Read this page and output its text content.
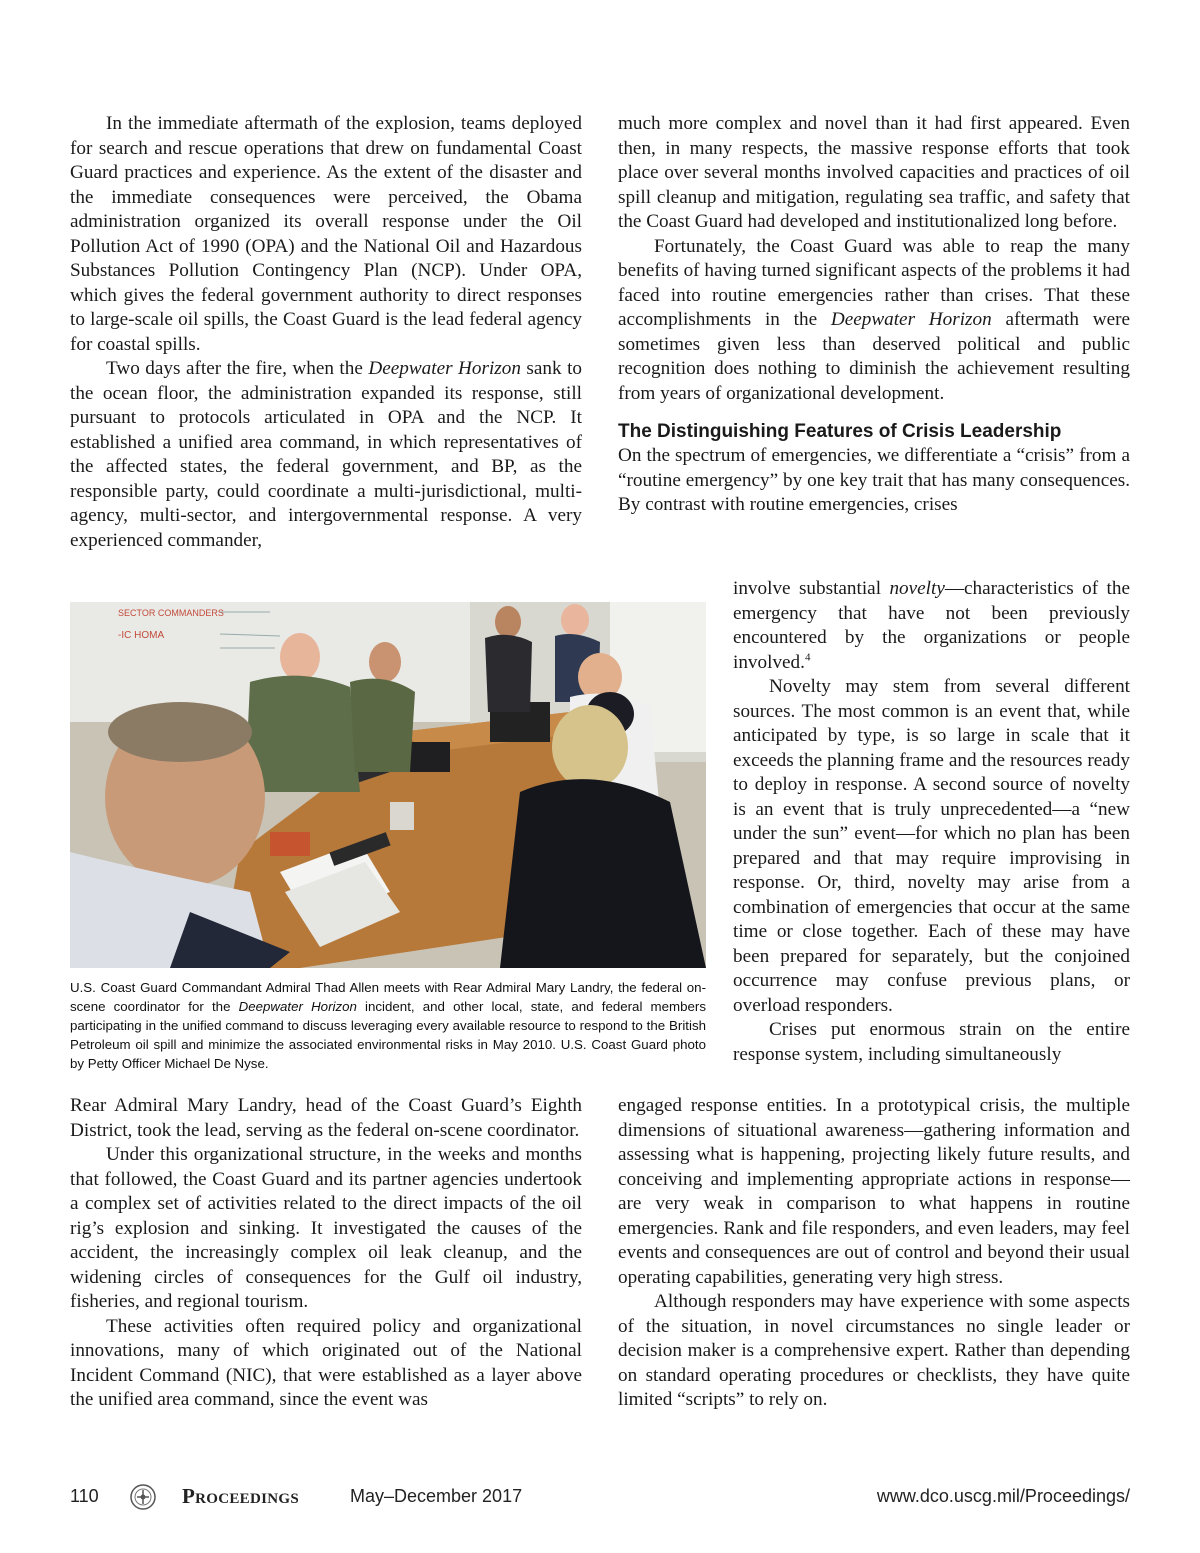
In the immediate aftermath of the explosion, teams deployed for search and rescue operations that drew on fundamental Coast Guard practices and experience. As the extent of the disaster and the immediate consequences were perceived, the Obama administration organized its overall response under the Oil Pollution Act of 1990 (OPA) and the National Oil and Hazardous Substances Pollution Contingency Plan (NCP). Under OPA, which gives the federal government authority to direct responses to large-scale oil spills, the Coast Guard is the lead federal agency for coastal spills.

Two days after the fire, when the Deepwater Horizon sank to the ocean floor, the administration expanded its response, still pursuant to protocols articulated in OPA and the NCP. It established a unified area command, in which representatives of the affected states, the federal government, and BP, as the responsible party, could coordinate a multi-jurisdictional, multi-agency, multi-sector, and intergovernmental response. A very experienced commander,

SECTOR COMMANDERS
-IC HOMA
U.S. Coast Guard Commandant Admiral Thad Allen meets with Rear Admiral Mary Landry, the federal on-scene coordinator for the Deepwater Horizon incident, and other local, state, and federal members participating in the unified command to discuss leveraging every available resource to respond to the British Petroleum oil spill and minimize the associated environmental risks in May 2010. U.S. Coast Guard photo by Petty Officer Michael De Nyse.

Rear Admiral Mary Landry, head of the Coast Guard’s Eighth District, took the lead, serving as the federal on-scene coordinator.

Under this organizational structure, in the weeks and months that followed, the Coast Guard and its partner agencies undertook a complex set of activities related to the direct impacts of the oil rig’s explosion and sinking. It investigated the causes of the accident, the increasingly complex oil leak cleanup, and the widening circles of consequences for the Gulf oil industry, fisheries, and regional tourism.

These activities often required policy and organizational innovations, many of which originated out of the National Incident Command (NIC), that were established as a layer above the unified area command, since the event was

much more complex and novel than it had first appeared. Even then, in many respects, the massive response efforts that took place over several months involved capacities and practices of oil spill cleanup and mitigation, regulating sea traffic, and safety that the Coast Guard had developed and institutionalized long before.

Fortunately, the Coast Guard was able to reap the many benefits of having turned significant aspects of the problems it had faced into routine emergencies rather than crises. That these accomplishments in the Deepwater Horizon aftermath were sometimes given less than deserved political and public recognition does nothing to diminish the achievement resulting from years of organizational development.

The Distinguishing Features of Crisis Leadership

On the spectrum of emergencies, we differentiate a “crisis” from a “routine emergency” by one key trait that has many consequences. By contrast with routine emergencies, crises

involve substantial novelty—characteristics of the emergency that have not been previously encountered by the organizations or people involved.$^4$

Novelty may stem from several different sources. The most common is an event that, while anticipated by type, is so large in scale that it exceeds the planning frame and the resources ready to deploy in response. A second source of novelty is an event that is truly unprecedented—a “new under the sun” event—for which no plan has been prepared and that may require improvising in response. Or, third, novelty may arise from a combination of emergencies that occur at the same time or close together. Each of these may have been prepared for separately, but the conjoined occurrence may confuse previous plans, or overload responders.

Crises put enormous strain on the entire response system, including simultaneously

engaged response entities. In a prototypical crisis, the multiple dimensions of situational awareness—gathering information and assessing what is happening, projecting likely future results, and conceiving and implementing appropriate actions in response—are very weak in comparison to what happens in routine emergencies. Rank and file responders, and even leaders, may feel events and consequences are out of control and beyond their usual operating capabilities, generating very high stress.

Although responders may have experience with some aspects of the situation, in novel circumstances no single leader or decision maker is a comprehensive expert. Rather than depending on standard operating procedures or checklists, they have quite limited “scripts” to rely on.

110	Proceedings	May–December 2017	www.dco.uscg.mil/Proceedings/
